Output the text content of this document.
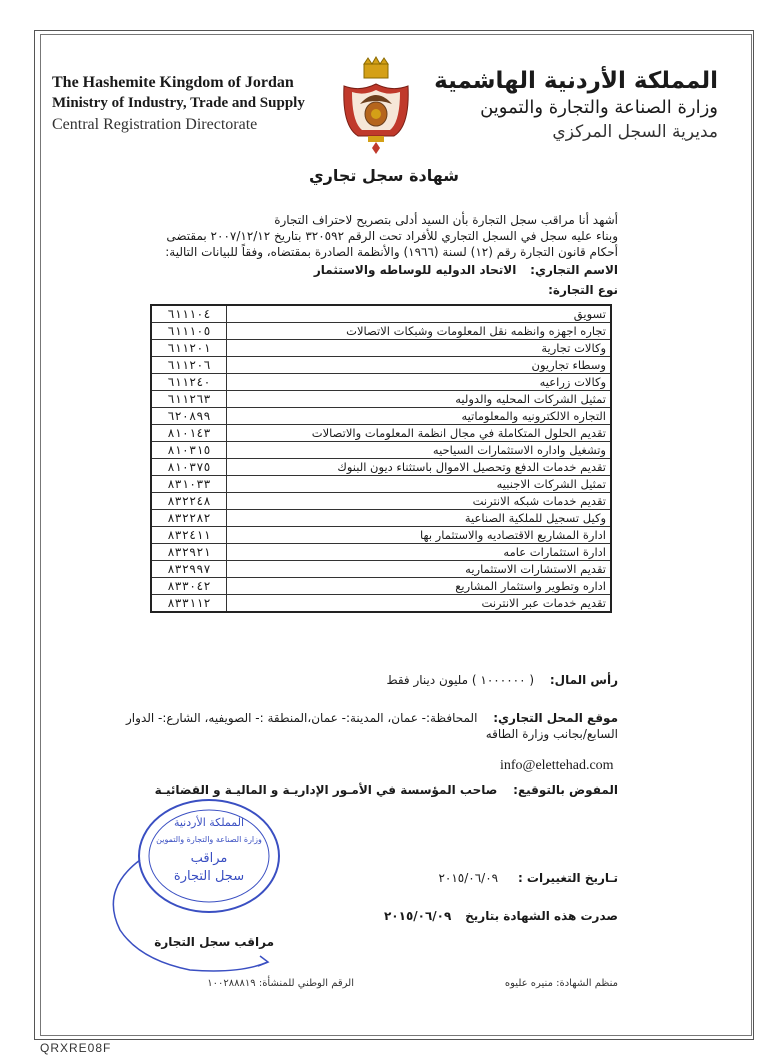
The Hashemite Kingdom of Jordan
Ministry of Industry, Trade and Supply
Central Registration Directorate
المملكة الأردنية الهاشمية
وزارة الصناعة والتجارة والتموين
مديرية السجل المركزي
شهادة سجل تجاري
أشهد أنا مراقب سجل التجارة بأن السيد أدلى بتصريح لاحتراف التجارة
وبناء عليه سجل في السجل التجاري للأفراد تحت الرقم ٣٢٠٥٩٢ بتاريخ ٢٠٠٧/١٢/١٢ بمقتضى
أحكام قانون التجارة رقم (١٢) لسنة (١٩٦٦) والأنظمة الصادرة بمقتضاه، وفقاً للبيانات التالية:
الاسم التجاري: الاتحاد الدوليه للوساطه والاستثمار
نوع التجارة:
تسويق	٦١١١٠٤
تجاره اجهزه وانظمه نقل المعلومات وشبكات الاتصالات	٦١١١٠٥
وكالات تجارية	٦١١٢٠١
وسطاء تجاريون	٦١١٢٠٦
وكالات زراعيه	٦١١٢٤٠
تمثيل الشركات المحليه والدوليه	٦١١٢٦٣
التجاره الالكترونيه والمعلوماتيه	٦٢٠٨٩٩
تقديم الحلول المتكاملة في مجال انظمة المعلومات والاتصالات	٨١٠١٤٣
وتشغيل واداره الاستثمارات السياحيه	٨١٠٣١٥
تقديم خدمات الدفع وتحصيل الاموال باستثناء ديون البنوك	٨١٠٣٧٥
تمثيل الشركات الاجنبيه	٨٣١٠٣٣
تقديم خدمات شبكه الانترنت	٨٣٢٢٤٨
وكيل تسجيل للملكية الصناعية	٨٣٢٢٨٢
ادارة المشاريع الاقتصاديه والاستثمار بها	٨٣٢٤١١
ادارة استثمارات عامه	٨٣٢٩٢١
تقديم الاستشارات الاستثماريه	٨٣٢٩٩٧
اداره وتطوير واستثمار المشاريع	٨٣٣٠٤٢
تقديم خدمات عبر الانترنت	٨٣٣١١٢
رأس المال: ( ١٠٠٠٠٠٠ ) مليون دينار فقط
موقع المحل التجاري: المحافظة:- عمان، المدينة:- عمان،المنطقة :- الصويفيه، الشارع:- الدوار
السابع/بجانب وزارة الطاقه
info@elettehad.com
المفوض بالتوقيع: صاحب المؤسسة في الأمـور الإداريـة و الماليـة و القضائيـة
المملكة الأردنية
وزارة الصناعة والتجارة والتموين
مراقب
سجل التجارة	تـاريخ التغييرات : ٢٠١٥/٠٦/٠٩
صدرت هذه الشهادة بتاريخ ٢٠١٥/٠٦/٠٩
مراقب سجل التجارة
الرقم الوطني للمنشأة: ١٠٠٢٨٨٨١٩	منظم الشهادة: منيره عليوه
QRXRE08F
